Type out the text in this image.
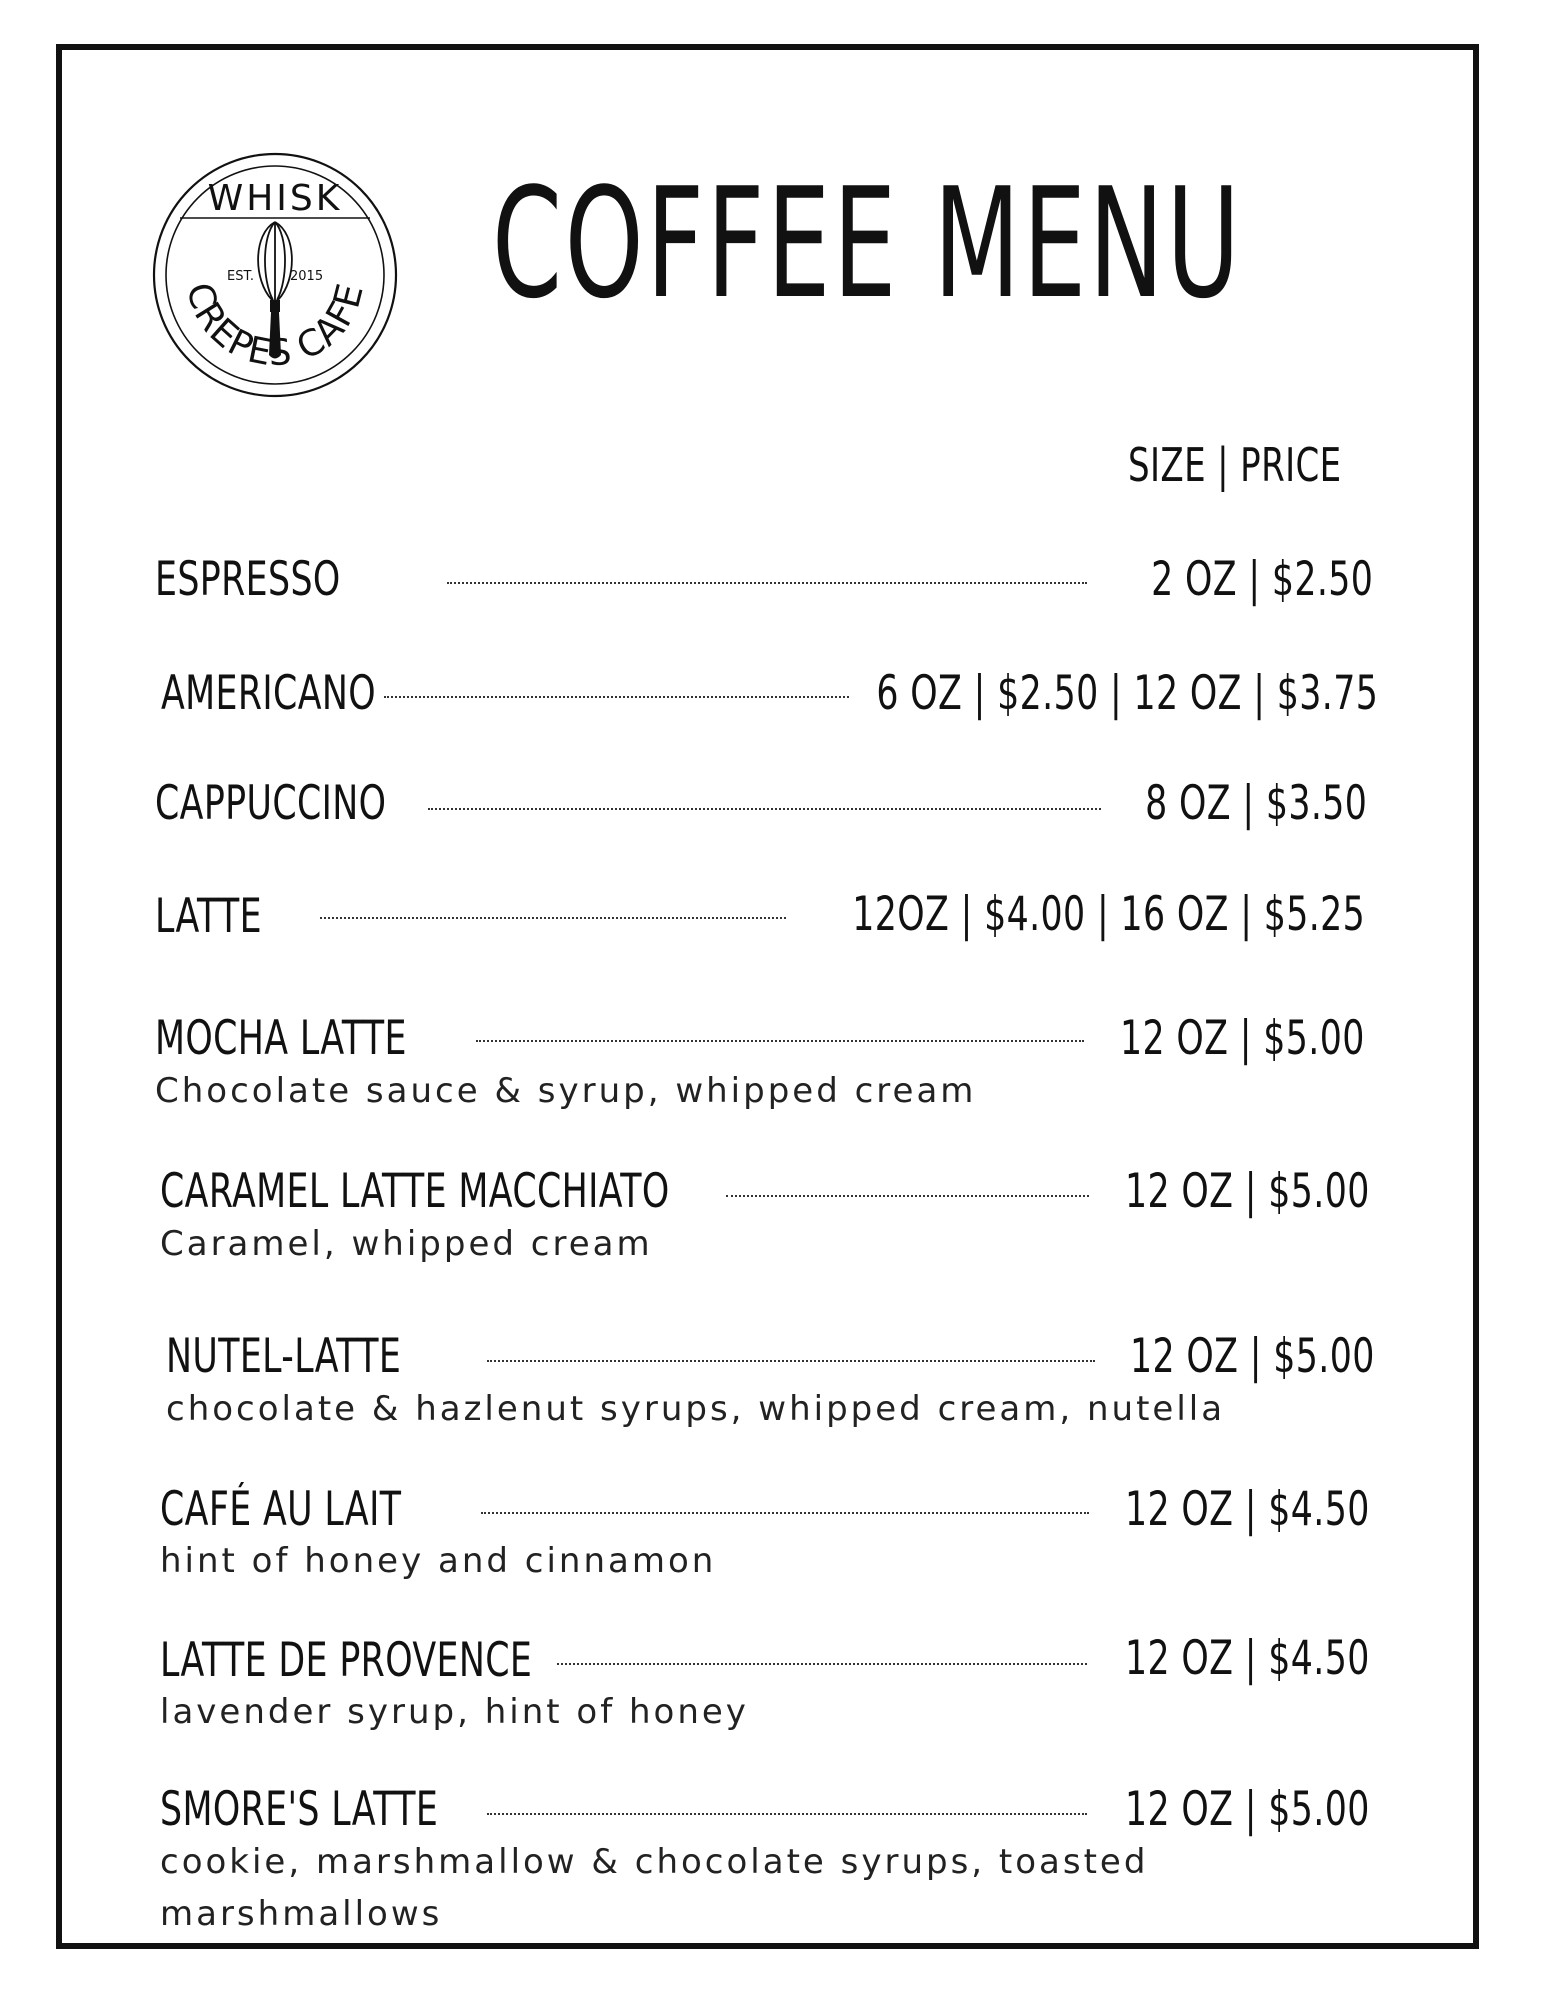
WHISK
EST.	2015
CREPES CAFE COFFEE MENU
SIZE | PRICE
ESPRESSO	2 OZ | $2.50
AMERICANO	6 OZ | $2.50 | 12 OZ | $3.75
CAPPUCCINO	8 OZ | $3.50
LATTE	12OZ | $4.00 | 16 OZ | $5.25
MOCHA LATTE	12 OZ | $5.00
Chocolate sauce & syrup, whipped cream
CARAMEL LATTE MACCHIATO	12 OZ | $5.00
Caramel, whipped cream
NUTEL-LATTE	12 OZ | $5.00
chocolate & hazlenut syrups, whipped cream, nutella
CAFÉ AU LAIT	12 OZ | $4.50
hint of honey and cinnamon
LATTE DE PROVENCE	12 OZ | $4.50
lavender syrup, hint of honey
SMORE'S LATTE	12 OZ | $5.00
cookie, marshmallow & chocolate syrups, toasted marshmallows
